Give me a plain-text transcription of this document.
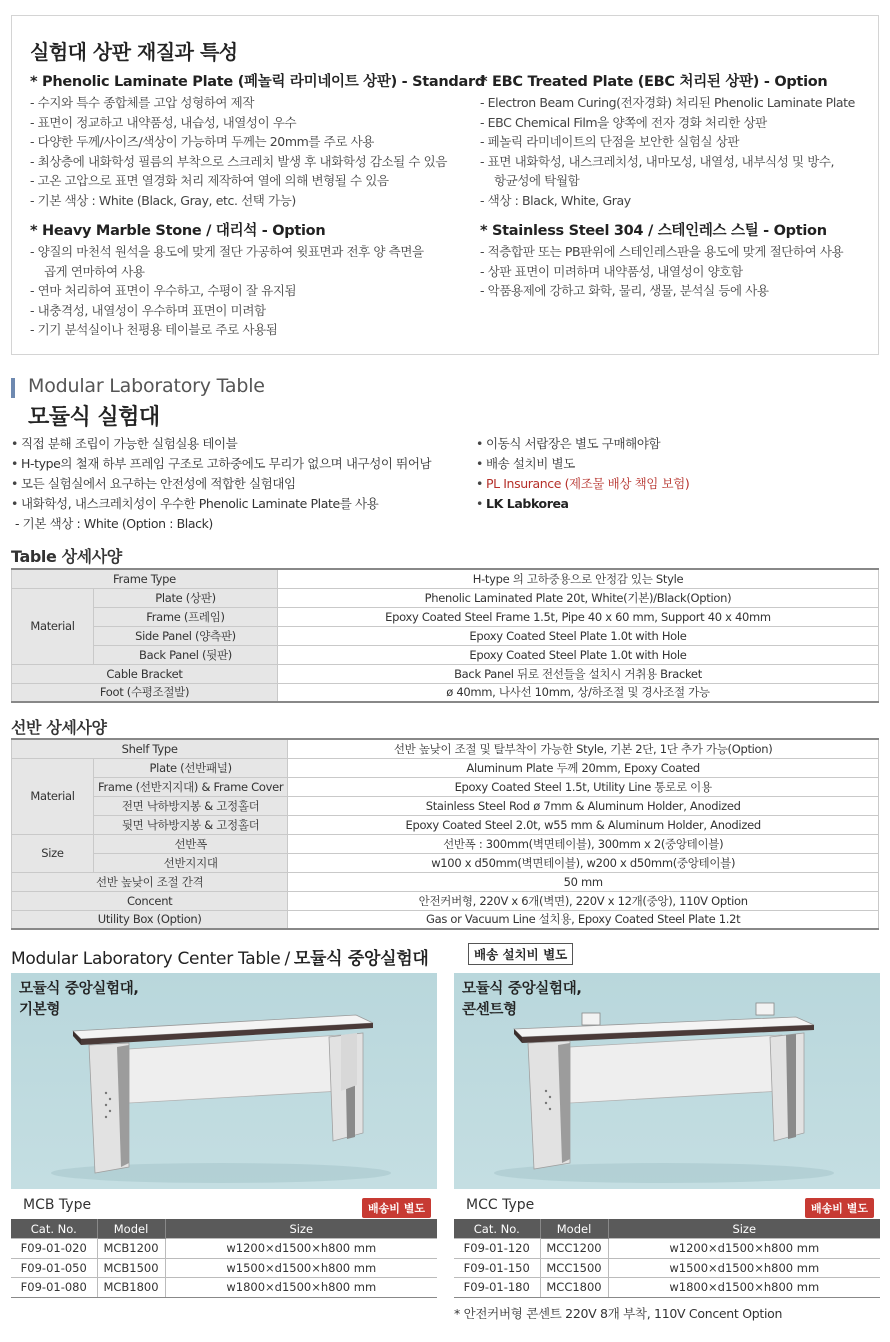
실험대 상판 재질과 특성
* Phenolic Laminate Plate (페놀릭 라미네이트 상판) - Standard
- 수지와 특수 종합체를 고압 성형하여 제작
- 표면이 정교하고 내약품성, 내습성, 내열성이 우수
- 다양한 두께/사이즈/색상이 가능하며 두께는 20mm를 주로 사용
- 최상층에 내화학성 필름의 부착으로 스크레치 발생 후 내화학성 감소될 수 있음
- 고온 고압으로 표면 열경화 처리 제작하여 열에 의해 변형될 수 있음
- 기본 색상 : White (Black, Gray, etc. 선택 가능)
* Heavy Marble Stone / 대리석 - Option
- 양질의 마천석 원석을 용도에 맞게 절단 가공하여 윗표면과 전후 양 측면을
곱게 연마하여 사용
- 연마 처리하여 표면이 우수하고, 수평이 잘 유지됨
- 내충격성, 내열성이 우수하며 표면이 미려함
- 기기 분석실이나 천평용 테이블로 주로 사용됨
* EBC Treated Plate (EBC 처리된 상판) - Option
- Electron Beam Curing(전자경화) 처리된 Phenolic Laminate Plate
- EBC Chemical Film을 양쪽에 전자 경화 처리한 상판
- 페놀릭 라미네이트의 단점을 보안한 실험실 상판
- 표면 내화학성, 내스크레치성, 내마모성, 내열성, 내부식성 및 방수,
항균성에 탁월함
- 색상 : Black, White, Gray
* Stainless Steel 304 / 스테인레스 스틸 - Option
- 적층합판 또는 PB판위에 스테인레스판을 용도에 맞게 절단하여 사용
- 상판 표면이 미려하며 내약품성, 내열성이 양호함
- 악품용제에 강하고 화학, 물리, 생물, 분석실 등에 사용
Modular Laboratory Table
모듈식 실험대
• 직접 분해 조립이 가능한 실험실용 테이블
• H-type의 철재 하부 프레임 구조로 고하중에도 무리가 없으며 내구성이 뛰어남
• 모든 실험실에서 요구하는 안전성에 적합한 실험대임
• 내화학성, 내스크레치성이 우수한 Phenolic Laminate Plate를 사용
- 기본 색상 : White (Option : Black)
• 이동식 서랍장은 별도 구매해야함
• 배송 설치비 별도
• PL Insurance (제조물 배상 책임 보험)
• LK Labkorea
Table 상세사양
Frame Type		H-type 의 고하중용으로 안정감 있는 Style
Material	Plate (상판)	Phenolic Laminated Plate 20t, White(기본)/Black(Option)
	Frame (프레임)	Epoxy Coated Steel Frame 1.5t, Pipe 40 x 60 mm, Support 40 x 40mm
	Side Panel (양측판)	Epoxy Coated Steel Plate 1.0t with Hole
	Back Panel (뒷판)	Epoxy Coated Steel Plate 1.0t with Hole
Cable Bracket		Back Panel 뒤로 전선들을 설치시 거취용 Bracket
Foot (수평조절발)		ø 40mm, 나사선 10mm, 상/하조절 및 경사조절 가능
선반 상세사양
Shelf Type		선반 높낮이 조절 및 탈부착이 가능한 Style, 기본 2단, 1단 추가 가능(Option)
Material	Plate (선반패널)	Aluminum Plate 두께 20mm, Epoxy Coated
	Frame (선반지지대) & Frame Cover	Epoxy Coated Steel 1.5t, Utility Line 통로로 이용
	전면 낙하방지봉 & 고정홀더	Stainless Steel Rod ø 7mm & Aluminum Holder, Anodized
	뒷면 낙하방지봉 & 고정홀더	Epoxy Coated Steel 2.0t, w55 mm & Aluminum Holder, Anodized
Size	선반폭	선반폭 : 300mm(벽면테이블), 300mm x 2(중앙테이블)
	선반지지대	w100 x d50mm(벽면테이블), w200 x d50mm(중앙테이블)
선반 높낮이 조절 간격		50 mm
Concent		안전커버형, 220V x 6개(벽면), 220V x 12개(중앙), 110V Option
Utility Box (Option)		Gas or Vacuum Line 설치용, Epoxy Coated Steel Plate 1.2t
Modular Laboratory Center Table / 모듈식 중앙실험대	배송 설치비 별도
모듈식 중앙실험대,
기본형
MCB Type	배송비 별도
Cat. No.	Model	Size
F09-01-020	MCB1200	w1200×d1500×h800 mm
F09-01-050	MCB1500	w1500×d1500×h800 mm
F09-01-080	MCB1800	w1800×d1500×h800 mm
모듈식 중앙실험대,
콘센트형
MCC Type	배송비 별도
Cat. No.	Model	Size
F09-01-120	MCC1200	w1200×d1500×h800 mm
F09-01-150	MCC1500	w1500×d1500×h800 mm
F09-01-180	MCC1800	w1800×d1500×h800 mm
* 안전커버형 콘센트 220V 8개 부착, 110V Concent Option
